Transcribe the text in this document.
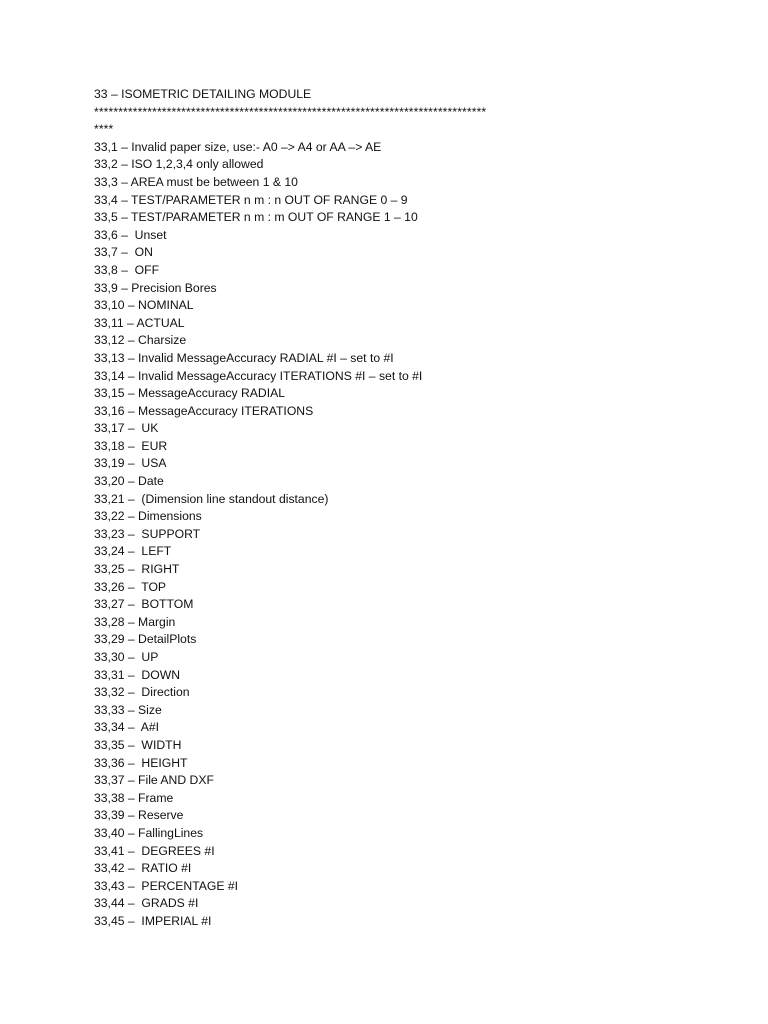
33 – ISOMETRIC DETAILING MODULE
*********************************************************************************
****
33,1 – Invalid paper size, use:- A0 –> A4 or AA –> AE
33,2 – ISO 1,2,3,4 only allowed
33,3 – AREA must be between 1 & 10
33,4 – TEST/PARAMETER n m : n OUT OF RANGE 0 – 9
33,5 – TEST/PARAMETER n m : m OUT OF RANGE 1 – 10
33,6 –  Unset
33,7 –  ON
33,8 –  OFF
33,9 – Precision Bores
33,10 – NOMINAL
33,11 – ACTUAL
33,12 – Charsize
33,13 – Invalid MessageAccuracy RADIAL #I – set to #I
33,14 – Invalid MessageAccuracy ITERATIONS #I – set to #I
33,15 – MessageAccuracy RADIAL
33,16 – MessageAccuracy ITERATIONS
33,17 –  UK
33,18 –  EUR
33,19 –  USA
33,20 – Date
33,21 –  (Dimension line standout distance)
33,22 – Dimensions
33,23 –  SUPPORT
33,24 –  LEFT
33,25 –  RIGHT
33,26 –  TOP
33,27 –  BOTTOM
33,28 – Margin
33,29 – DetailPlots
33,30 –  UP
33,31 –  DOWN
33,32 –  Direction
33,33 – Size
33,34 –  A#I
33,35 –  WIDTH
33,36 –  HEIGHT
33,37 – File AND DXF
33,38 – Frame
33,39 – Reserve
33,40 – FallingLines
33,41 –  DEGREES #I
33,42 –  RATIO #I
33,43 –  PERCENTAGE #I
33,44 –  GRADS #I
33,45 –  IMPERIAL #I
